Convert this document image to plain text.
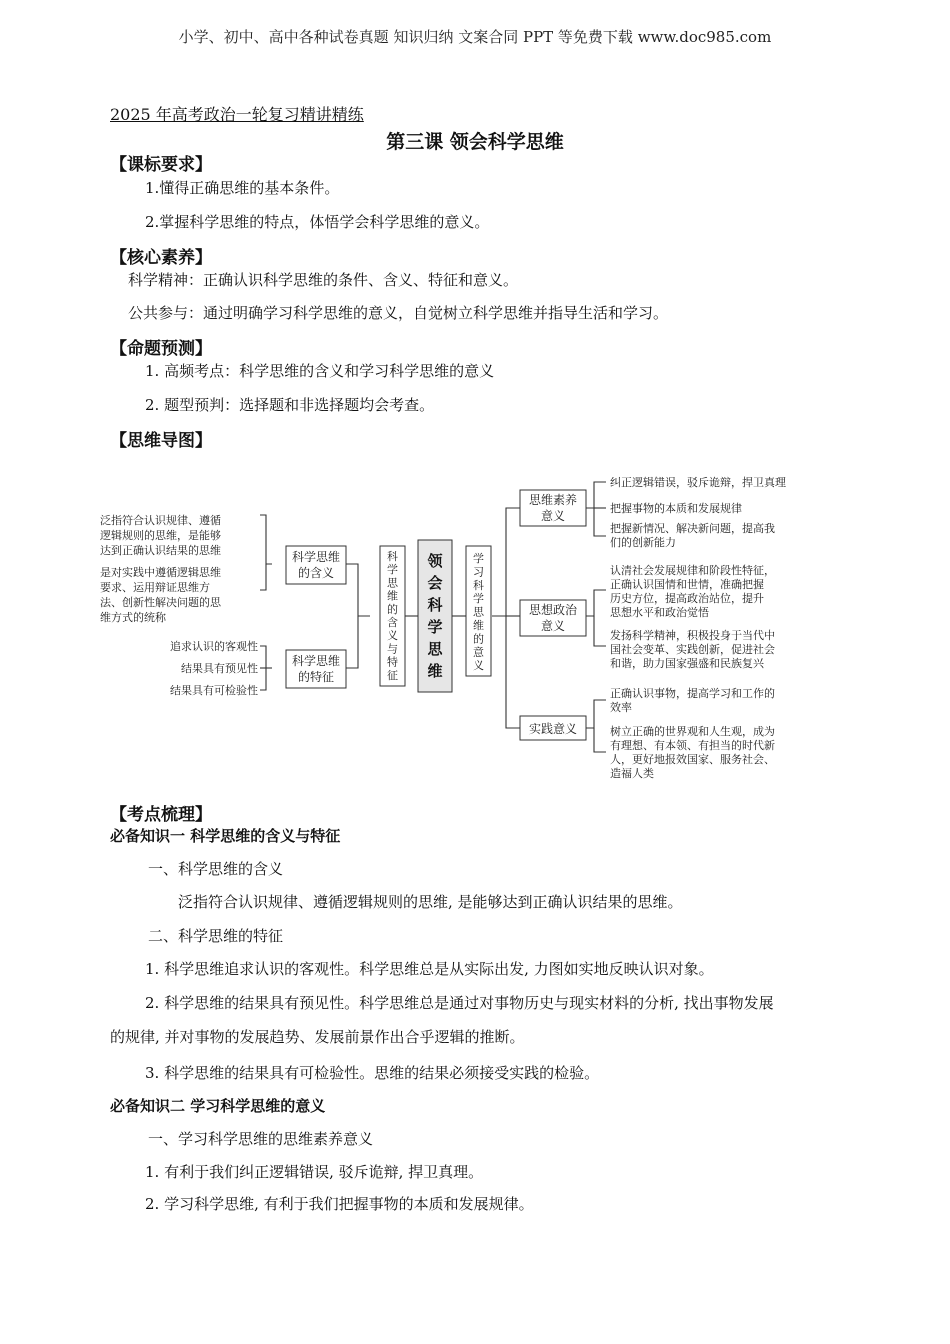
小学、初中、高中各种试卷真题 知识归纳 文案合同 PPT 等免费下载 www.doc985.com
2025 年高考政治一轮复习精讲精练
第三课 领会科学思维
【课标要求】
1.懂得正确思维的基本条件。
2.掌握科学思维的特点，体悟学会科学思维的意义。
【核心素养】
科学精神：正确认识科学思维的条件、含义、特征和意义。
公共参与：通过明确学习科学思维的意义，自觉树立科学思维并指导生活和学习。
【命题预测】
1. 高频考点：科学思维的含义和学习科学思维的意义
2. 题型预判：选择题和非选择题均会考查。
【思维导图】
泛指符合认识规律、遵循
逻辑规则的思维，是能够
达到正确认识结果的思维
是对实践中遵循逻辑思维
要求、运用辩证思维方
法、创新性解决问题的思
维方式的统称
追求认识的客观性
结果具有预见性
结果具有可检验性
科学思维
的含义
科学思维
的特征
科
学
思
维
的
含
义
与
特
征
领
会
科
学
思
维
学
习
科
学
思
维
的
意
义
思维素养
意义
思想政治
意义
实践意义
纠正逻辑错误，驳斥诡辩，捍卫真理
把握事物的本质和发展规律
把握新情况、解决新问题，提高我
们的创新能力
认清社会发展规律和阶段性特征，
正确认识国情和世情，准确把握
历史方位，提高政治站位，提升
思想水平和政治觉悟
发扬科学精神，积极投身于当代中
国社会变革、实践创新，促进社会
和谐，助力国家强盛和民族复兴
正确认识事物，提高学习和工作的
效率
树立正确的世界观和人生观，成为
有理想、有本领、有担当的时代新
人，更好地报效国家、服务社会、
造福人类
【考点梳理】
必备知识一 科学思维的含义与特征
一、科学思维的含义
泛指符合认识规律、遵循逻辑规则的思维, 是能够达到正确认识结果的思维。
二、科学思维的特征
1. 科学思维追求认识的客观性。科学思维总是从实际出发, 力图如实地反映认识对象。
2. 科学思维的结果具有预见性。科学思维总是通过对事物历史与现实材料的分析, 找出事物发展
的规律, 并对事物的发展趋势、发展前景作出合乎逻辑的推断。
3. 科学思维的结果具有可检验性。思维的结果必须接受实践的检验。
必备知识二 学习科学思维的意义
一、学习科学思维的思维素养意义
1. 有利于我们纠正逻辑错误, 驳斥诡辩, 捍卫真理。
2. 学习科学思维, 有利于我们把握事物的本质和发展规律。
